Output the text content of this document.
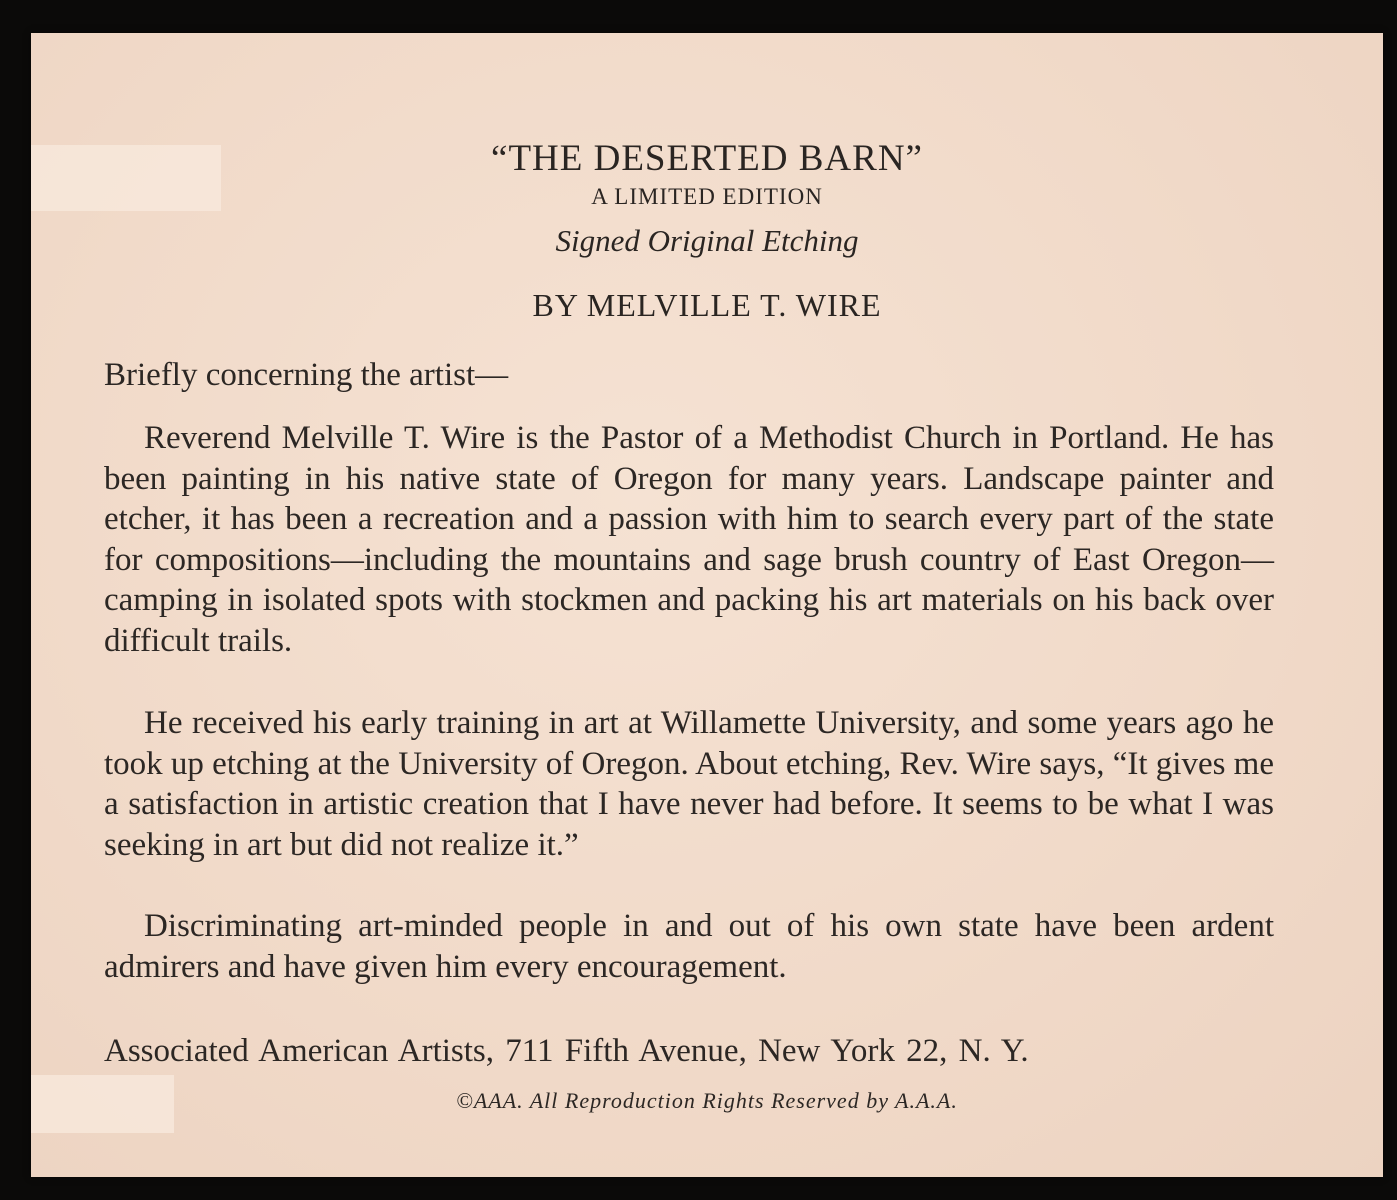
“THE DESERTED BARN”
A LIMITED EDITION
Signed Original Etching
BY MELVILLE T. WIRE
Briefly concerning the artist—

Reverend Melville T. Wire is the Pastor of a Methodist Church in Portland. He has been painting in his native state of Oregon for many years. Landscape painter and etcher, it has been a recreation and a passion with him to search every part of the state for compositions—including the mountains and sage brush country of East Oregon—camping in isolated spots with stockmen and packing his art materials on his back over difficult trails.

He received his early training in art at Willamette University, and some years ago he took up etching at the University of Oregon. About etching, Rev. Wire says, “It gives me a satisfaction in artistic creation that I have never had before. It seems to be what I was seeking in art but did not realize it.”

Discriminating art-minded people in and out of his own state have been ardent admirers and have given him every encouragement.

Associated American Artists, 711 Fifth Avenue, New York 22, N. Y.
©AAA. All Reproduction Rights Reserved by A.A.A.
